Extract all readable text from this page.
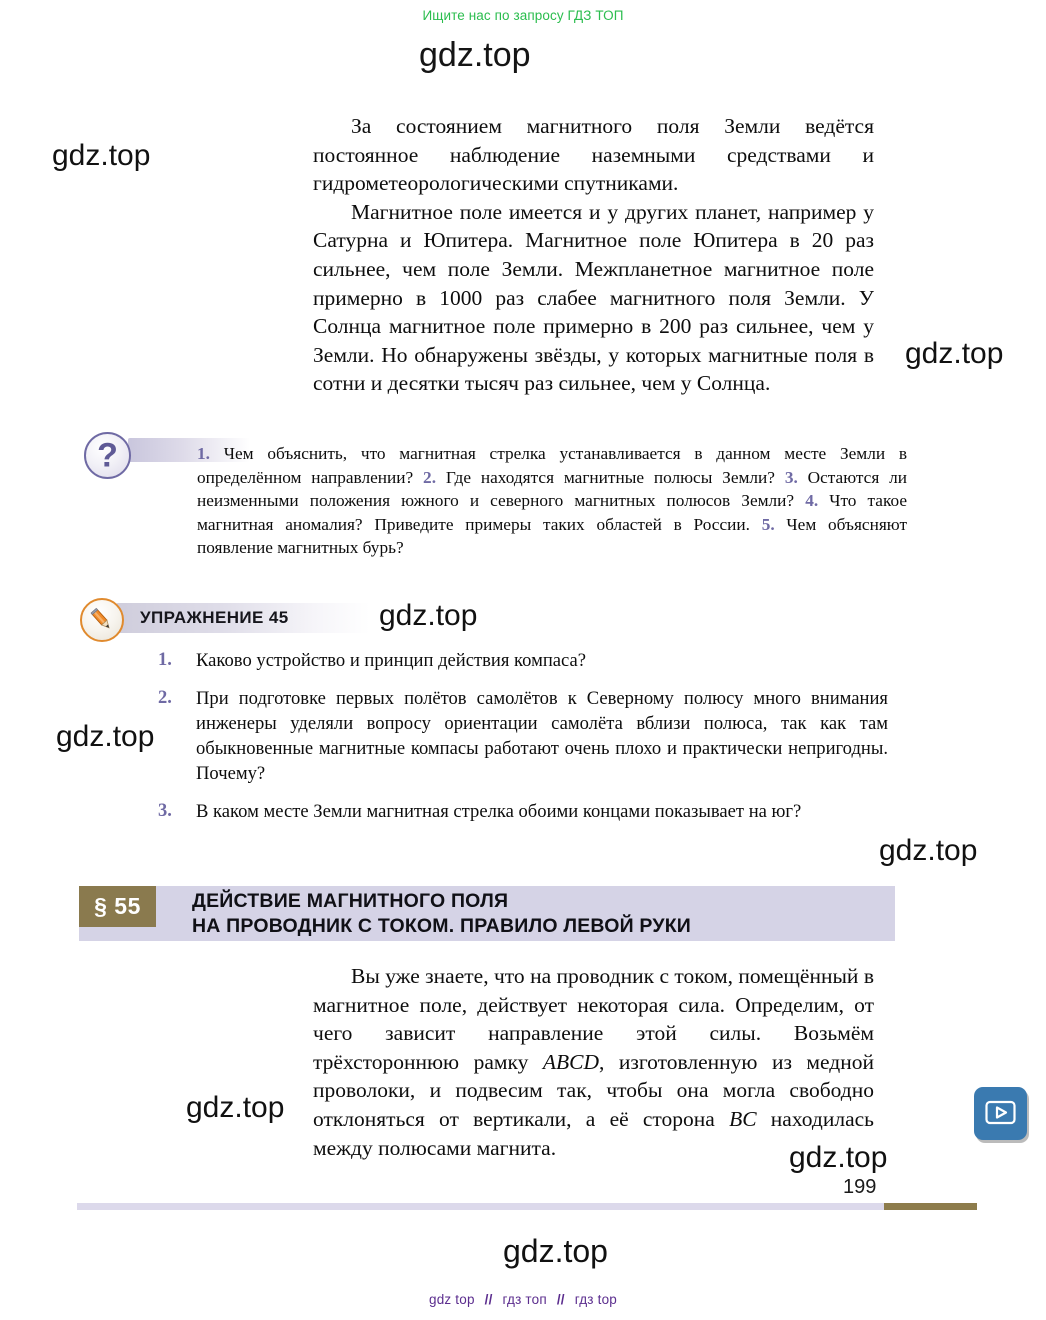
Ищите нас по запросу ГДЗ ТОП
gdz.top
gdz.top
gdz.top
gdz.top
gdz.top
gdz.top
gdz.top
gdz.top
gdz.top

За состоянием магнитного поля Земли ведётся постоянное наблюдение наземными средствами и гидрометеорологическими спутниками.

Магнитное поле имеется и у других планет, например у Сатурна и Юпитера. Магнитное поле Юпитера в 20 раз сильнее, чем поле Земли. Межпланетное магнитное поле примерно в 1000 раз слабее магнитного поля Земли. У Солнца магнитное поле примерно в 200 раз сильнее, чем у Земли. Но обнаружены звёзды, у которых магнитные поля в сотни и десятки тысяч раз сильнее, чем у Солнца.

?
1. Чем объяснить, что магнитная стрелка устанавливается в данном месте Земли в определённом направлении? 2. Где находятся магнитные полюсы Земли? 3. Остаются ли неизменными положения южного и северного магнитных полюсов Земли? 4. Что такое магнитная аномалия? Приведите примеры таких областей в России. 5. Чем объясняют появление магнитных бурь?
УПРАЖНЕНИЕ 45
1.	Каково устройство и принцип действия компаса?
2.	При подготовке первых полётов самолётов к Северному полюсу много внимания инженеры уделяли вопросу ориентации самолёта вблизи полюса, так как там обыкновенные магнитные компасы работают очень плохо и практически непригодны. Почему?
3.	В каком месте Земли магнитная стрелка обоими концами показывает на юг?
§ 55	ДЕЙСТВИЕ МАГНИТНОГО ПОЛЯ
НА ПРОВОДНИК С ТОКОМ. ПРАВИЛО ЛЕВОЙ РУКИ

Вы уже знаете, что на проводник с током, помещённый в магнитное поле, действует некоторая сила. Определим, от чего зависит направление этой силы. Возьмём трёхстороннюю рамку ABCD, изготовленную из медной проволоки, и подвесим так, чтобы она могла свободно отклоняться от вертикали, а её сторона BC находилась между полюсами магнита.

199
gdz top // гдз топ // гдз top
